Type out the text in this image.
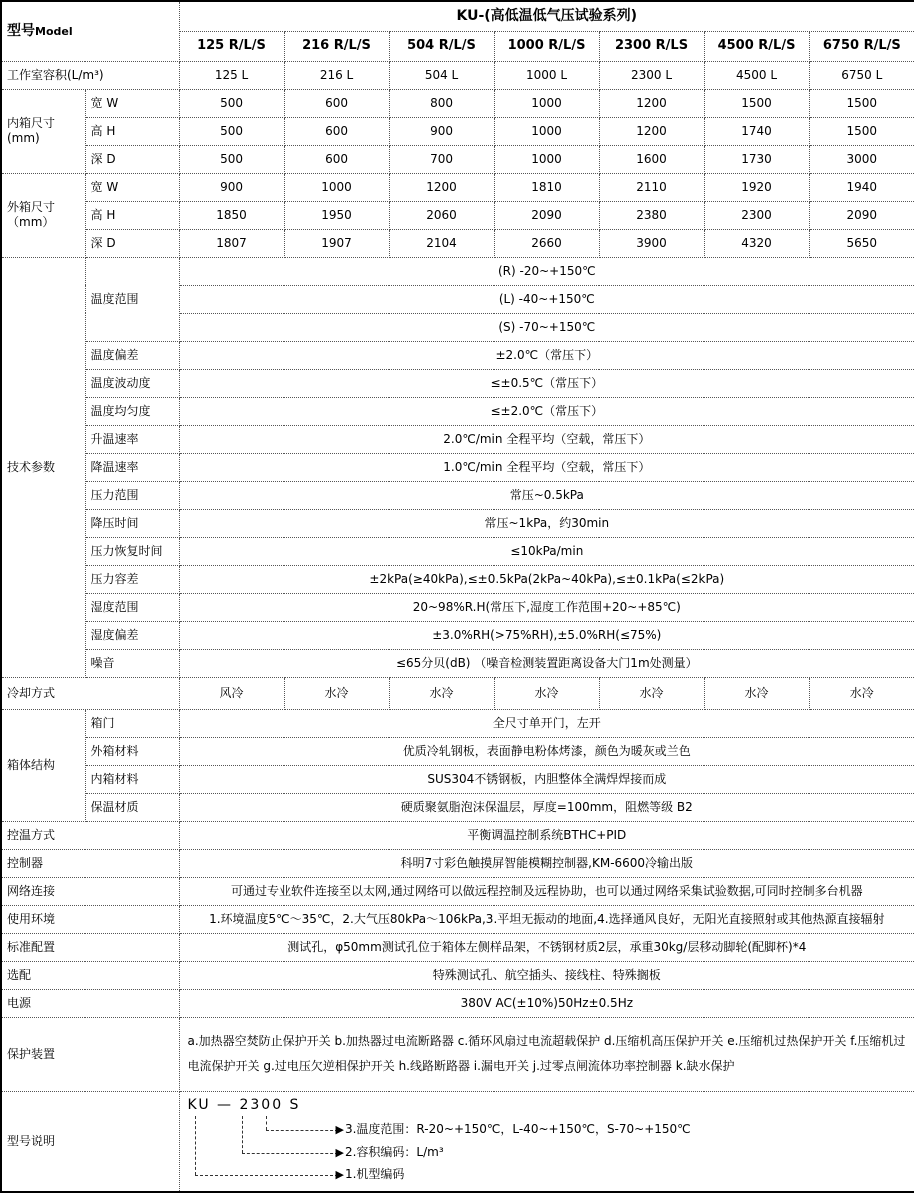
型号Model		KU-(高低温低气压试验系列)						
		125 R/L/S	216 R/L/S	504 R/L/S	1000 R/L/S	2300 R/LS	4500 R/L/S	6750 R/L/S
工作室容积(L/m³)		125 L	216 L	504 L	1000 L	2300 L	4500 L	6750 L
内箱尺寸
(mm)	宽 W	500	600	800	1000	1200	1500	1500
	高 H	500	600	900	1000	1200	1740	1500
	深 D	500	600	700	1000	1600	1730	3000
外箱尺寸
（mm）	宽 W	900	1000	1200	1810	2110	1920	1940
	高 H	1850	1950	2060	2090	2380	2300	2090
	深 D	1807	1907	2104	2660	3900	4320	5650
技术参数	温度范围	(R) -20~+150℃						
		(L) -40~+150℃						
		(S) -70~+150℃						
	温度偏差	±2.0℃（常压下）						
	温度波动度	≤±0.5℃（常压下）						
	温度均匀度	≤±2.0℃（常压下）						
	升温速率	2.0℃/min 全程平均（空载，常压下）						
	降温速率	1.0℃/min 全程平均（空载，常压下）						
	压力范围	常压~0.5kPa						
	降压时间	常压~1kPa，约30min						
	压力恢复时间	≤10kPa/min						
	压力容差	±2kPa(≥40kPa),≤±0.5kPa(2kPa~40kPa),≤±0.1kPa(≤2kPa)						
	湿度范围	20~98%R.H(常压下,湿度工作范围+20~+85℃)						
	湿度偏差	±3.0%RH(>75%RH),±5.0%RH(≤75%)						
	噪音	≤65分贝(dB) （噪音检测装置距离设备大门1m处测量）						
冷却方式		风冷	水冷	水冷	水冷	水冷	水冷	水冷
箱体结构	箱门	全尺寸单开门，左开						
	外箱材料	优质冷轧钢板，表面静电粉体烤漆，颜色为暖灰或兰色						
	内箱材料	SUS304不锈钢板，内胆整体全满焊焊接而成						
	保温材质	硬质聚氨脂泡沫保温层，厚度=100mm，阻燃等级 B2						
控温方式		平衡调温控制系统BTHC+PID						
控制器		科明7寸彩色触摸屏智能模糊控制器,KM-6600冷输出版						
网络连接		可通过专业软件连接至以太网,通过网络可以做远程控制及远程协助，也可以通过网络采集试验数据,可同时控制多台机器						
使用环境		1.环境温度5℃～35℃，2.大气压80kPa～106kPa,3.平坦无振动的地面,4.选择通风良好，无阳光直接照射或其他热源直接辐射						
标准配置		测试孔，φ50mm测试孔位于箱体左侧样品架，不锈钢材质2层，承重30kg/层移动脚轮(配脚杯)*4						
选配		特殊测试孔、航空插头、接线柱、特殊搁板						
电源		380V AC(±10%)50Hz±0.5Hz						
保护装置		a.加热器空焚防止保护开关 b.加热器过电流断路器 c.循环风扇过电流超载保护 d.压缩机高压保护开关 e.压缩机过热保护开关 f.压缩机过电流保护开关 g.过电压欠逆相保护开关 h.线路断路器 i.漏电开关 j.过零点闸流体功率控制器 k.缺水保护						
型号说明		KU — 2300 S
▶3.温度范围：R-20~+150℃，L-40~+150℃，S-70~+150℃
▶2.容积编码：L/m³
▶1.机型编码						
